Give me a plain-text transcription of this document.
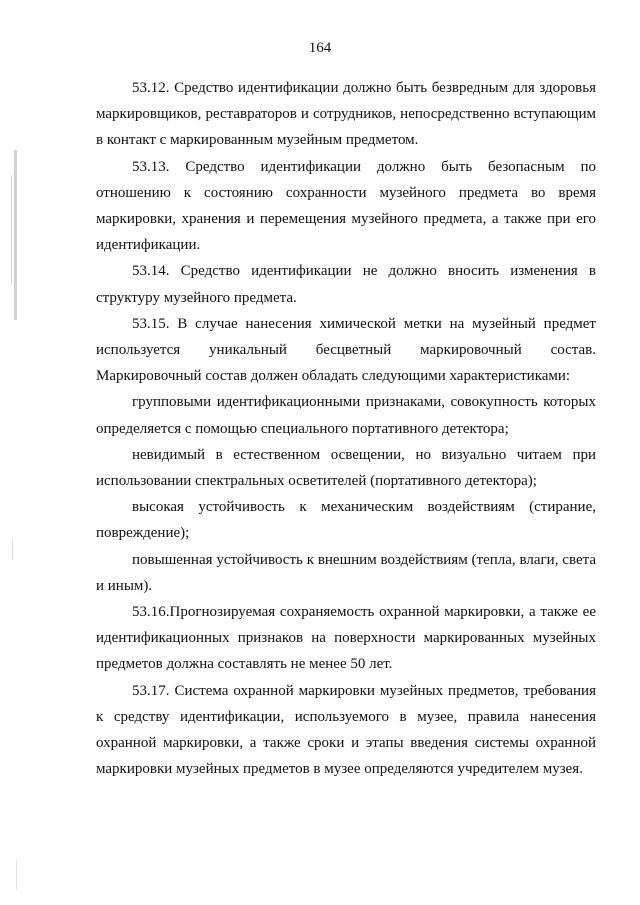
164

53.12. Средство идентификации должно быть безвредным для здоровья маркировщиков, реставраторов и сотрудников, непосредственно вступающим в контакт с маркированным музейным предметом.

53.13. Средство идентификации должно быть безопасным по отношению к состоянию сохранности музейного предмета во время маркировки, хранения и перемещения музейного предмета, а также при его идентификации.

53.14. Средство идентификации не должно вносить изменения в структуру музейного предмета.

53.15. В случае нанесения химической метки на музейный предмет используется уникальный бесцветный маркировочный состав. Маркировочный состав должен обладать следующими характеристиками:

групповыми идентификационными признаками, совокупность которых определяется с помощью специального портативного детектора;

невидимый в естественном освещении, но визуально читаем при использовании спектральных осветителей (портативного детектора);

высокая устойчивость к механическим воздействиям (стирание, повреждение);

повышенная устойчивость к внешним воздействиям (тепла, влаги, света и иным).

53.16.Прогнозируемая сохраняемость охранной маркировки, а также ее идентификационных признаков на поверхности маркированных музейных предметов должна составлять не менее 50 лет.

53.17. Система охранной маркировки музейных предметов, требования к средству идентификации, используемого в музее, правила нанесения охранной маркировки, а также сроки и этапы введения системы охранной маркировки музейных предметов в музее определяются учредителем музея.
